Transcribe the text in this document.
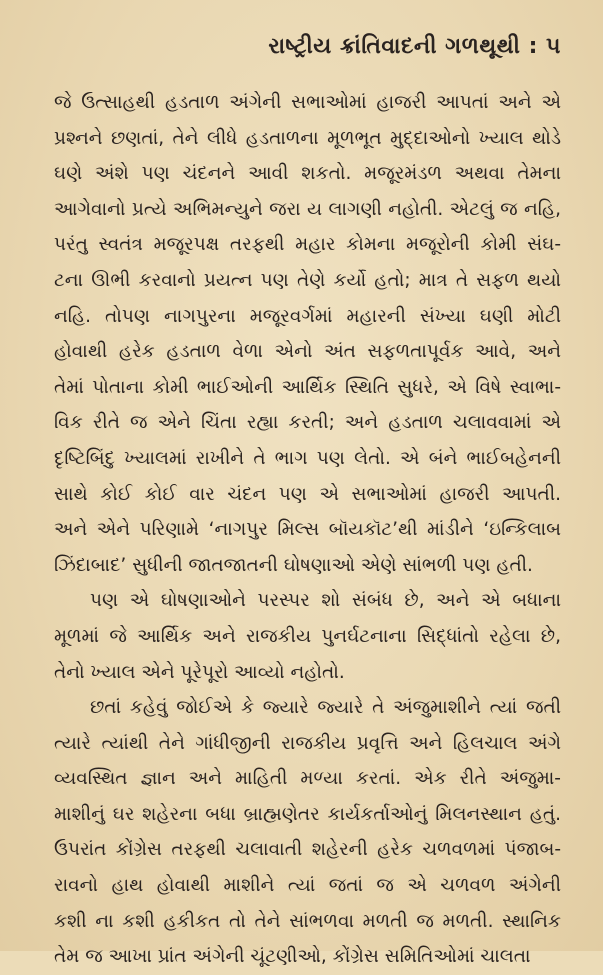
રાષ્ટ્રીય ક્રાંતિવાદની ગળથૂથી : ૫

જે ઉત્સાહથી હડતાળ અંગેની સભાઓમાં હાજરી આપતાં અને એ
પ્રશ્નને છણતાં, તેને લીધે હડતાળના મૂળભૂત મુદ્દાઓનો ખ્યાલ થોડે
ઘણે અંશે પણ ચંદનને આવી શકતો. મજૂરમંડળ અથવા તેમના
આગેવાનો પ્રત્યે અભિમન્યુને જરા ય લાગણી નહોતી. એટલું જ નહિ,
પરંતુ સ્વતંત્ર મજૂરપક્ષ તરફથી મહાર કોમના મજૂરોની કોમી સંઘ-
ટના ઊભી કરવાનો પ્રયત્ન પણ તેણે કર્યો હતો; માત્ર તે સફળ થયો
નહિ. તોપણ નાગપુરના મજૂરવર્ગમાં મહારની સંખ્યા ઘણી મોટી
હોવાથી હરેક હડતાળ વેળા એનો અંત સફળતાપૂર્વક આવે, અને
તેમાં પોતાના કોમી ભાઈઓની આર્થિક સ્થિતિ સુધરે, એ વિષે સ્વાભા-
વિક રીતે જ એને ચિંતા રહ્યા કરતી; અને હડતાળ ચલાવવામાં એ
દૃષ્ટિબિંદુ ખ્યાલમાં રાખીને તે ભાગ પણ લેતો. એ બંને ભાઈબહેનની
સાથે કોઈ કોઈ વાર ચંદન પણ એ સભાઓમાં હાજરી આપતી.
અને એને પરિણામે ‘નાગપુર મિલ્સ બૉયકૉટ’થી માંડીને ‘ઇન્કિલાબ
ઝિંદાબાદ’ સુધીની જાતજાતની ઘોષણાઓ એણે સાંભળી પણ હતી.

પણ એ ઘોષણાઓને પરસ્પર શો સંબંધ છે, અને એ બધાના
મૂળમાં જે આર્થિક અને રાજકીય પુનર્ઘટનાના સિદ્ધાંતો રહેલા છે,
તેનો ખ્યાલ એને પૂરેપૂરો આવ્યો નહોતો.

છતાં કહેવું જોઈએ કે જ્યારે જ્યારે તે અંજુમાશીને ત્યાં જતી
ત્યારે ત્યાંથી તેને ગાંધીજીની રાજકીય પ્રવૃત્તિ અને હિલચાલ અંગે
વ્યવસ્થિત જ્ઞાન અને માહિતી મળ્યા કરતાં. એક રીતે અંજુમા-
માશીનું ઘર શહેરના બધા બ્રાહ્મણેતર કાર્યકર્તાઓનું મિલનસ્થાન હતું.
ઉપરાંત કોંગ્રેસ તરફથી ચલાવાતી શહેરની હરેક ચળવળમાં પંજાબ-
રાવનો હાથ હોવાથી માશીને ત્યાં જતાં જ એ ચળવળ અંગેની
કશી ના કશી હકીકત તો તેને સાંભળવા મળતી જ મળતી. સ્થાનિક
તેમ જ આખા પ્રાંત અંગેની ચૂંટણીઓ, કોંગ્રેસ સમિતિઓમાં ચાલતા
